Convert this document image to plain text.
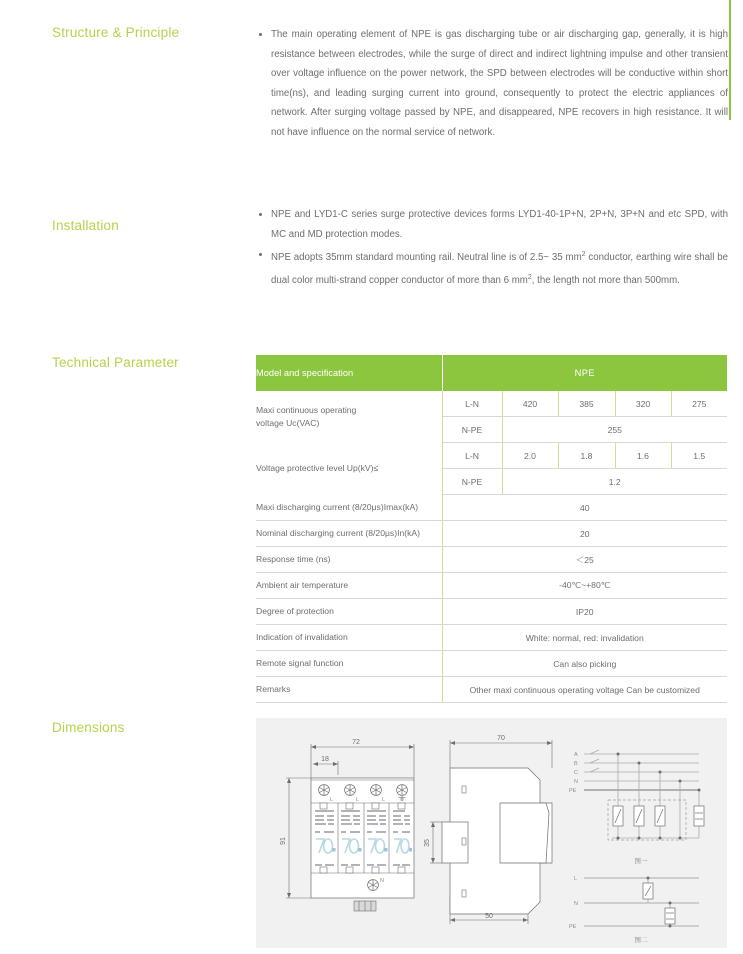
Structure & Principle	The main operating element of NPE is gas discharging tube or air discharging gap, generally, it is high resistance between electrodes, while the surge of direct and indirect lightning impulse and other transient over voltage influence on the power network, the SPD between electrodes will be conductive within short time(ns), and leading surging current into ground, consequently to protect the electric appliances of network. After surging voltage passed by NPE, and disappeared, NPE recovers in high resistance. It will not have influence on the normal service of network.
Installation
NPE and LYD1-C series surge protective devices forms LYD1-40-1P+N, 2P+N, 3P+N and etc SPD, with MC and MD protection modes.
NPE adopts 35mm standard mounting rail. Neutral line is of 2.5~ 35 $mm^2$ conductor, earthing wire shall be dual color multi-strand copper conductor of more than 6 $mm^2$, the length not more than 500mm.
Technical Parameter
Model and specification	NPE				
Maxi continuous operating
voltage Uc(VAC)	L-N	420	385	320	275
	N-PE	255			
Voltage protective level Up(kV)≤	L-N	2.0	1.8	1.6	1.5
	N-PE	1.2			
Maxi discharging current (8/20μs)Imax(kA)	40				
Nominal discharging current (8/20μs)In(kA)	20				
Response time (ns)	＜25				
Ambient air temperature	-40℃~+80℃				
Degree of protection	IP20				
Indication of invalidation	White: normal, red: invalidation				
Remote signal function	Can also picking				
Remarks	Other maxi continuous operating voltage Can be customized				
Dimensions
72
18
91
L	L	L
N
70
50
35
A
B
C
N
PE
图一
L
N
PE
图二
